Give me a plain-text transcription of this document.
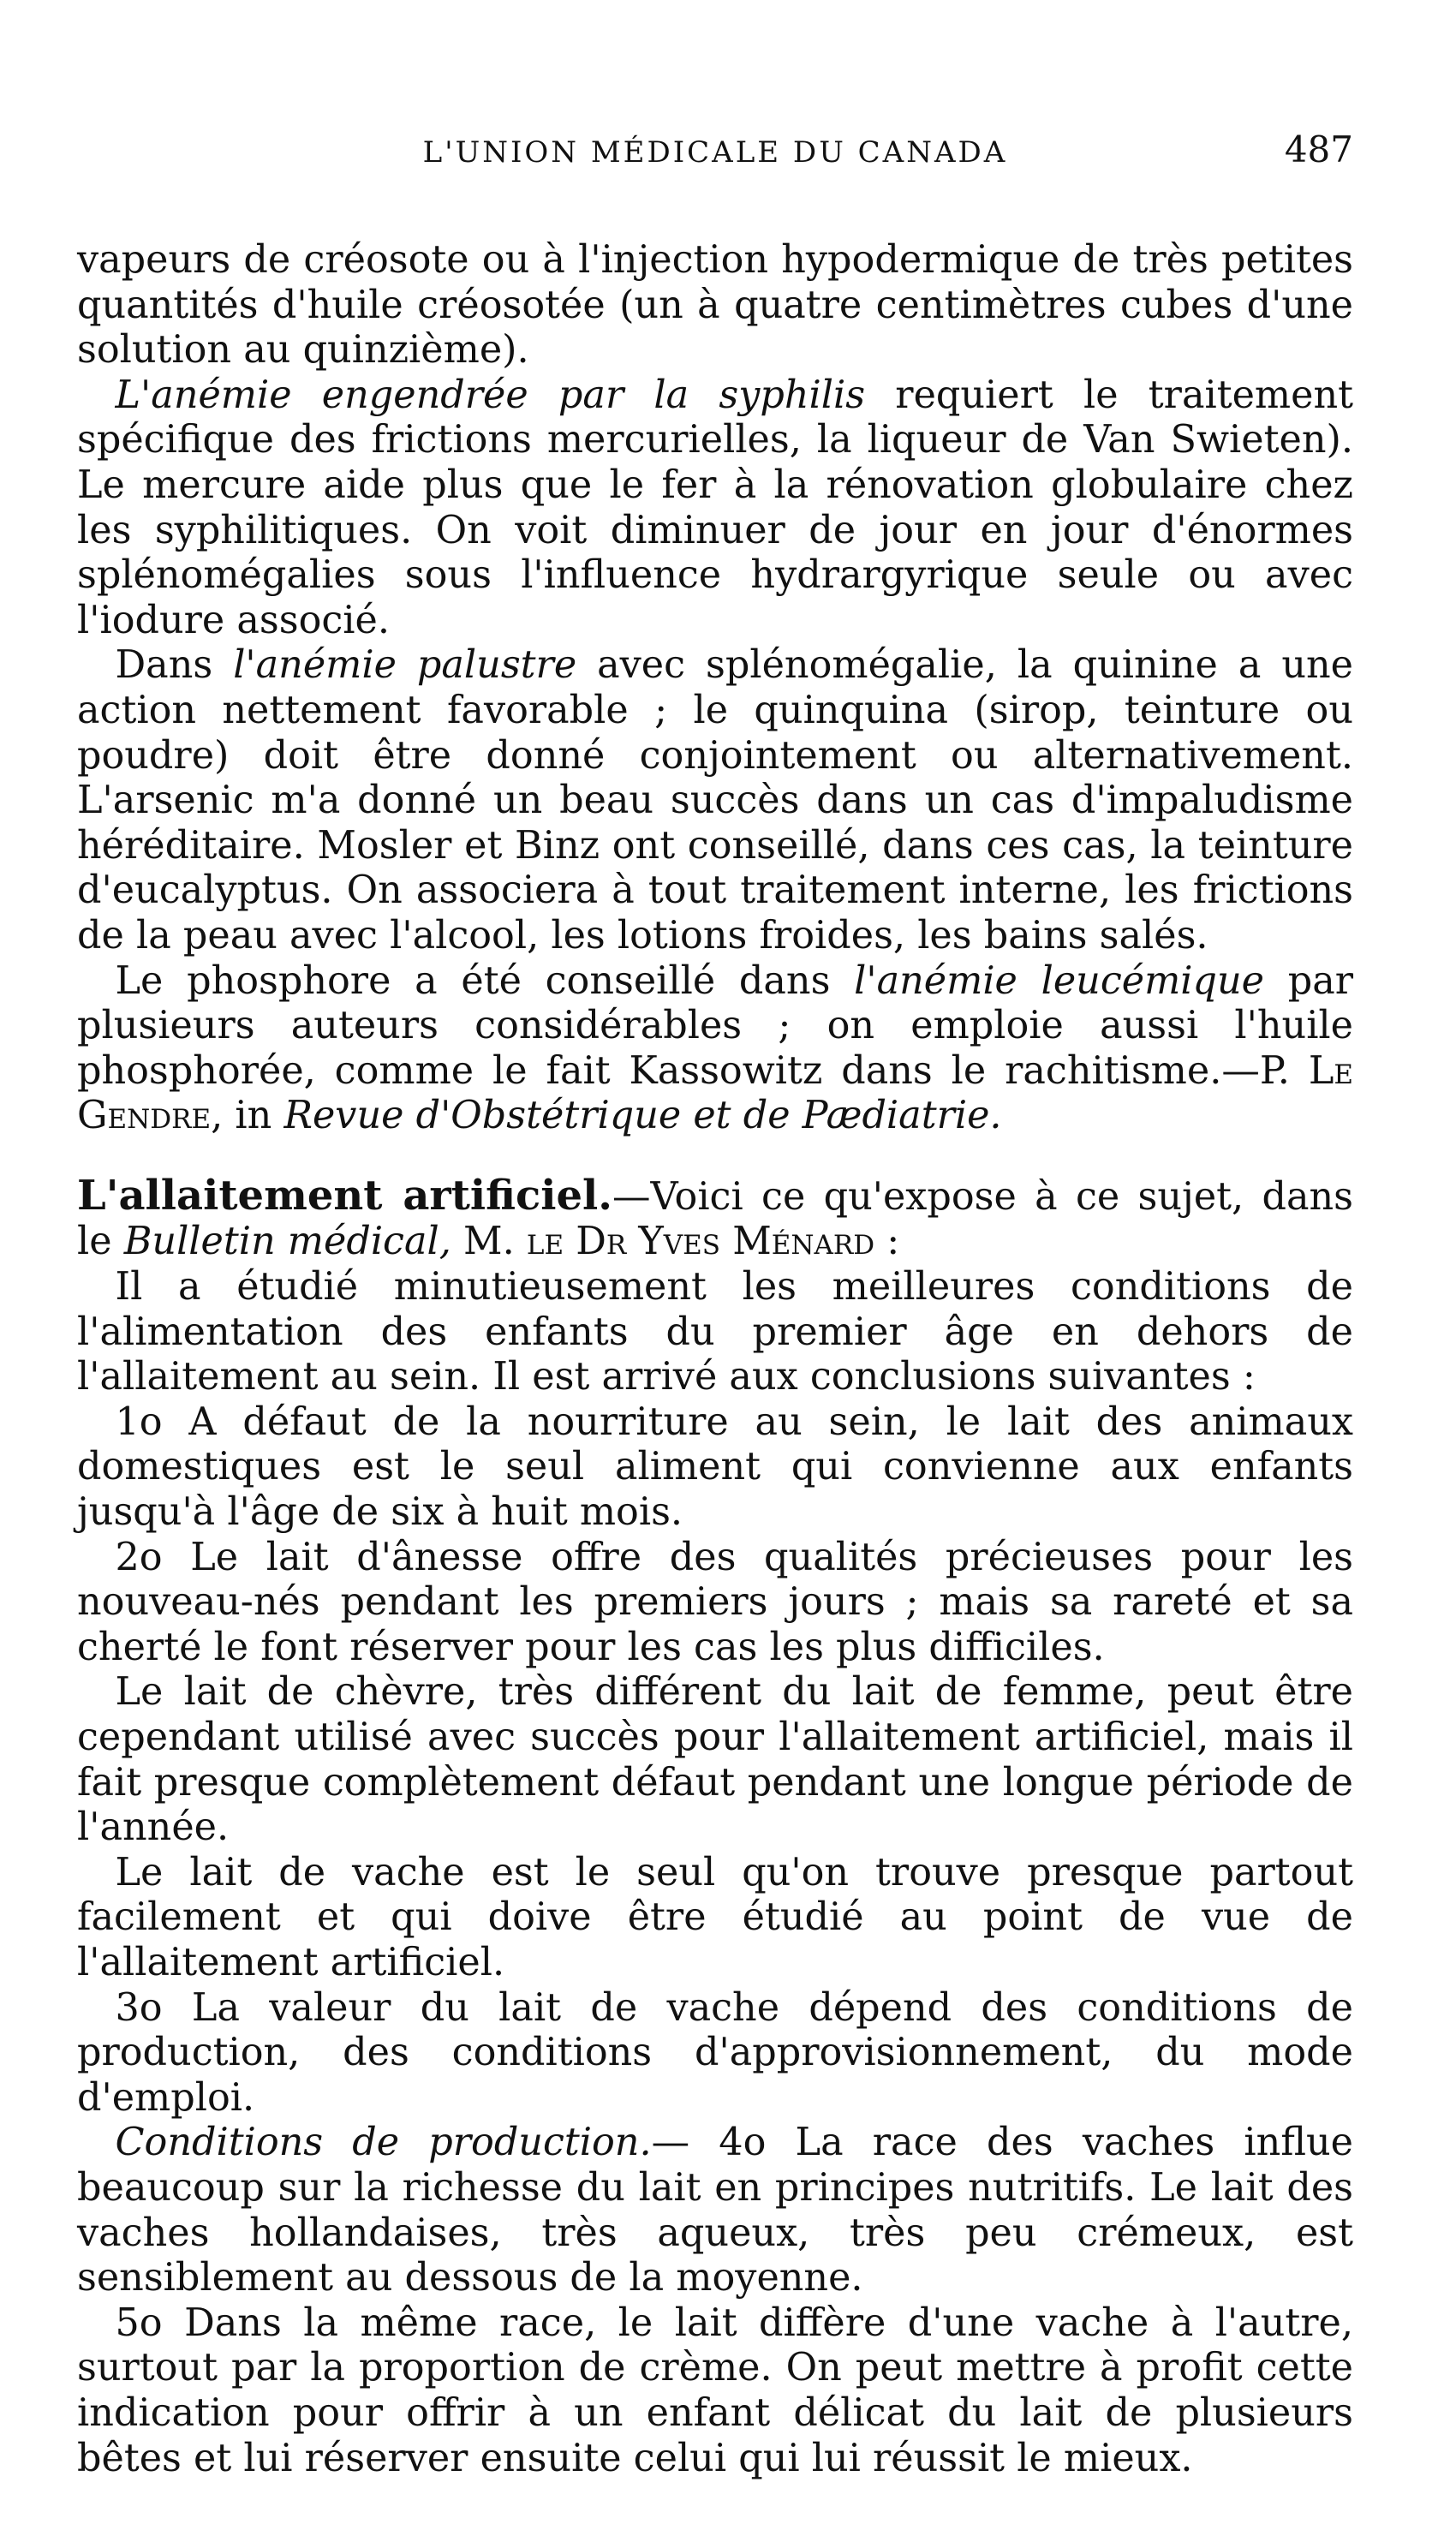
L'UNION MÉDICALE DU CANADA	487

vapeurs de créosote ou à l'injection hypodermique de très petites quantités d'huile créosotée (un à quatre centimètres cubes d'une solution au quinzième).

L'anémie engendrée par la syphilis requiert le traitement spécifique des frictions mercurielles, la liqueur de Van Swieten). Le mercure aide plus que le fer à la rénovation globulaire chez les syphilitiques. On voit diminuer de jour en jour d'énormes splénomégalies sous l'influence hydrargyrique seule ou avec l'iodure associé.

Dans l'anémie palustre avec splénomégalie, la quinine a une action nettement favorable ; le quinquina (sirop, teinture ou poudre) doit être donné conjointement ou alternativement. L'arsenic m'a donné un beau succès dans un cas d'impaludisme héréditaire. Mosler et Binz ont conseillé, dans ces cas, la teinture d'eucalyptus. On associera à tout traitement interne, les frictions de la peau avec l'alcool, les lotions froides, les bains salés.

Le phosphore a été conseillé dans l'anémie leucémique par plusieurs auteurs considérables ; on emploie aussi l'huile phosphorée, comme le fait Kassowitz dans le rachitisme.—P. Le Gendre, in Revue d'Obstétrique et de Pædiatrie.

L'allaitement artificiel.—Voici ce qu'expose à ce sujet, dans le Bulletin médical, M. le Dr Yves Ménard :

Il a étudié minutieusement les meilleures conditions de l'alimentation des enfants du premier âge en dehors de l'allaitement au sein. Il est arrivé aux conclusions suivantes :

1o A défaut de la nourriture au sein, le lait des animaux domestiques est le seul aliment qui convienne aux enfants jusqu'à l'âge de six à huit mois.

2o Le lait d'ânesse offre des qualités précieuses pour les nouveau-nés pendant les premiers jours ; mais sa rareté et sa cherté le font réserver pour les cas les plus difficiles.

Le lait de chèvre, très différent du lait de femme, peut être cependant utilisé avec succès pour l'allaitement artificiel, mais il fait presque complètement défaut pendant une longue période de l'année.

Le lait de vache est le seul qu'on trouve presque partout facilement et qui doive être étudié au point de vue de l'allaitement artificiel.

3o La valeur du lait de vache dépend des conditions de production, des conditions d'approvisionnement, du mode d'emploi.

Conditions de production.— 4o La race des vaches influe beaucoup sur la richesse du lait en principes nutritifs. Le lait des vaches hollandaises, très aqueux, très peu crémeux, est sensiblement au dessous de la moyenne.

5o Dans la même race, le lait diffère d'une vache à l'autre, surtout par la proportion de crème. On peut mettre à profit cette indication pour offrir à un enfant délicat du lait de plusieurs bêtes et lui réserver ensuite celui qui lui réussit le mieux.
